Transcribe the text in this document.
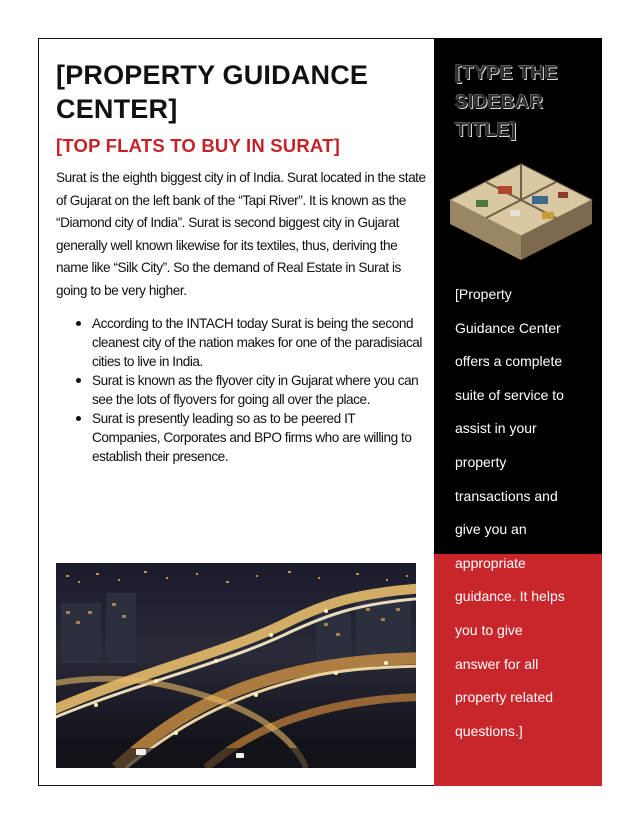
[PROPERTY GUIDANCE CENTER]
[TOP FLATS TO BUY IN SURAT]

Surat is the eighth biggest city in of India. Surat located in the state of Gujarat on the left bank of the “Tapi River”. It is known as the “Diamond city of India”. Surat is second biggest city in Gujarat generally well known likewise for its textiles, thus, deriving the name like “Silk City”. So the demand of Real Estate in Surat is going to be very higher.

According to the INTACH today Surat is being the second cleanest city of the nation makes for one of the paradisiacal cities to live in India.
Surat is known as the flyover city in Gujarat where you can see the lots of flyovers for going all over the place.
Surat is presently leading so as to be peered IT Companies, Corporates and BPO firms who are willing to establish their presence.
[TYPE THE SIDEBAR TITLE]
[Property
Guidance Center
offers a complete
suite of service to
assist in your
property
transactions and
give you an
appropriate
guidance. It helps
you to give
answer for all
property related
questions.]
